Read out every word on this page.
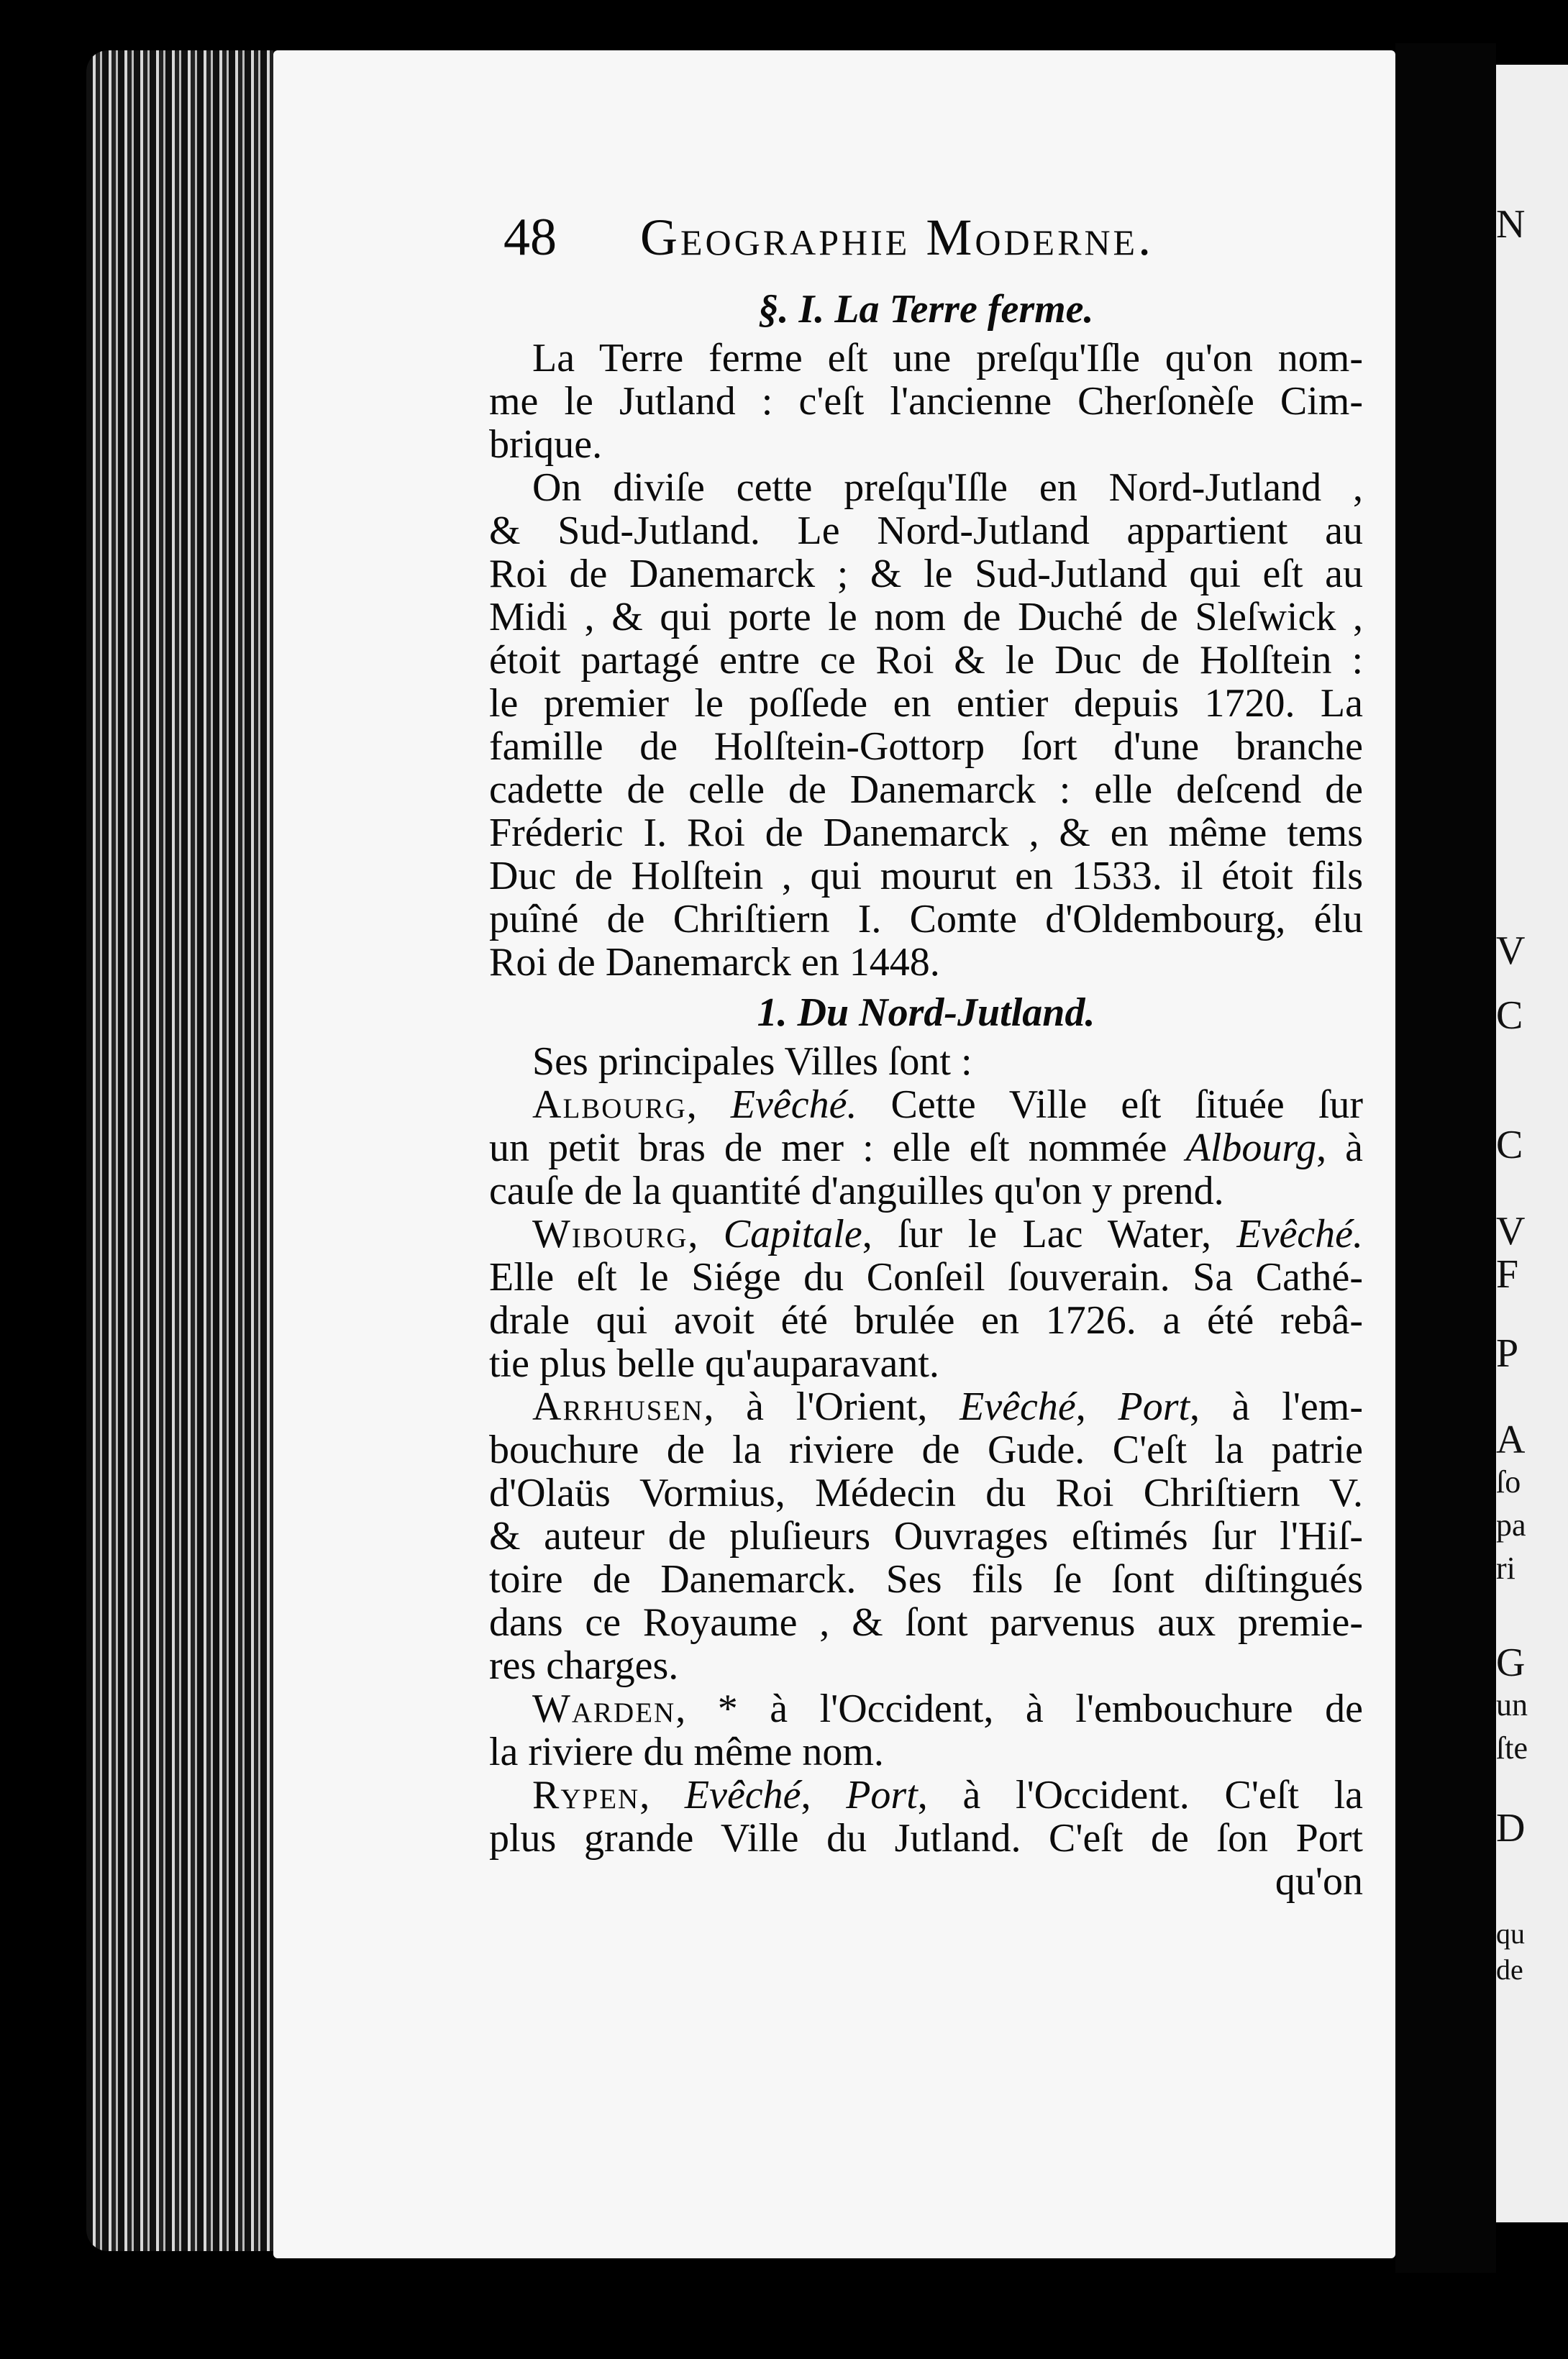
N
V
C
C
V
F
P
A
ſo
pa
ri
G
un
ſte
D
qu
de
48 Geographie Moderne.
§. I. La Terre ferme.
La Terre ferme eſt une preſqu'Iſle qu'on nom-
me le Jutland : c'eſt l'ancienne Cherſonèſe Cim-
brique.
On diviſe cette preſqu'Iſle en Nord-Jutland ,
& Sud-Jutland. Le Nord-Jutland appartient au
Roi de Danemarck ; & le Sud-Jutland qui eſt au
Midi , & qui porte le nom de Duché de Sleſwick ,
étoit partagé entre ce Roi & le Duc de Holſtein :
le premier le poſſede en entier depuis 1720. La
famille de Holſtein-Gottorp ſort d'une branche
cadette de celle de Danemarck : elle deſcend de
Fréderic I. Roi de Danemarck , & en même tems
Duc de Holſtein , qui mourut en 1533. il étoit fils
puîné de Chriſtiern I. Comte d'Oldembourg, élu
Roi de Danemarck en 1448.
1. Du Nord-Jutland.
Ses principales Villes ſont :
Albourg, Evêché. Cette Ville eſt ſituée ſur
un petit bras de mer : elle eſt nommée Albourg, à
cauſe de la quantité d'anguilles qu'on y prend.
Wibourg, Capitale, ſur le Lac Water, Evêché.
Elle eſt le Siége du Conſeil ſouverain. Sa Cathé-
drale qui avoit été brulée en 1726. a été rebâ-
tie plus belle qu'auparavant.
Arrhusen, à l'Orient, Evêché, Port, à l'em-
bouchure de la riviere de Gude. C'eſt la patrie
d'Olaüs Vormius, Médecin du Roi Chriſtiern V.
& auteur de pluſieurs Ouvrages eſtimés ſur l'Hiſ-
toire de Danemarck. Ses fils ſe ſont diſtingués
dans ce Royaume , & ſont parvenus aux premie-
res charges.
Warden, * à l'Occident, à l'embouchure de
la riviere du même nom.
Rypen, Evêché, Port, à l'Occident. C'eſt la
plus grande Ville du Jutland. C'eſt de ſon Port
qu'on
